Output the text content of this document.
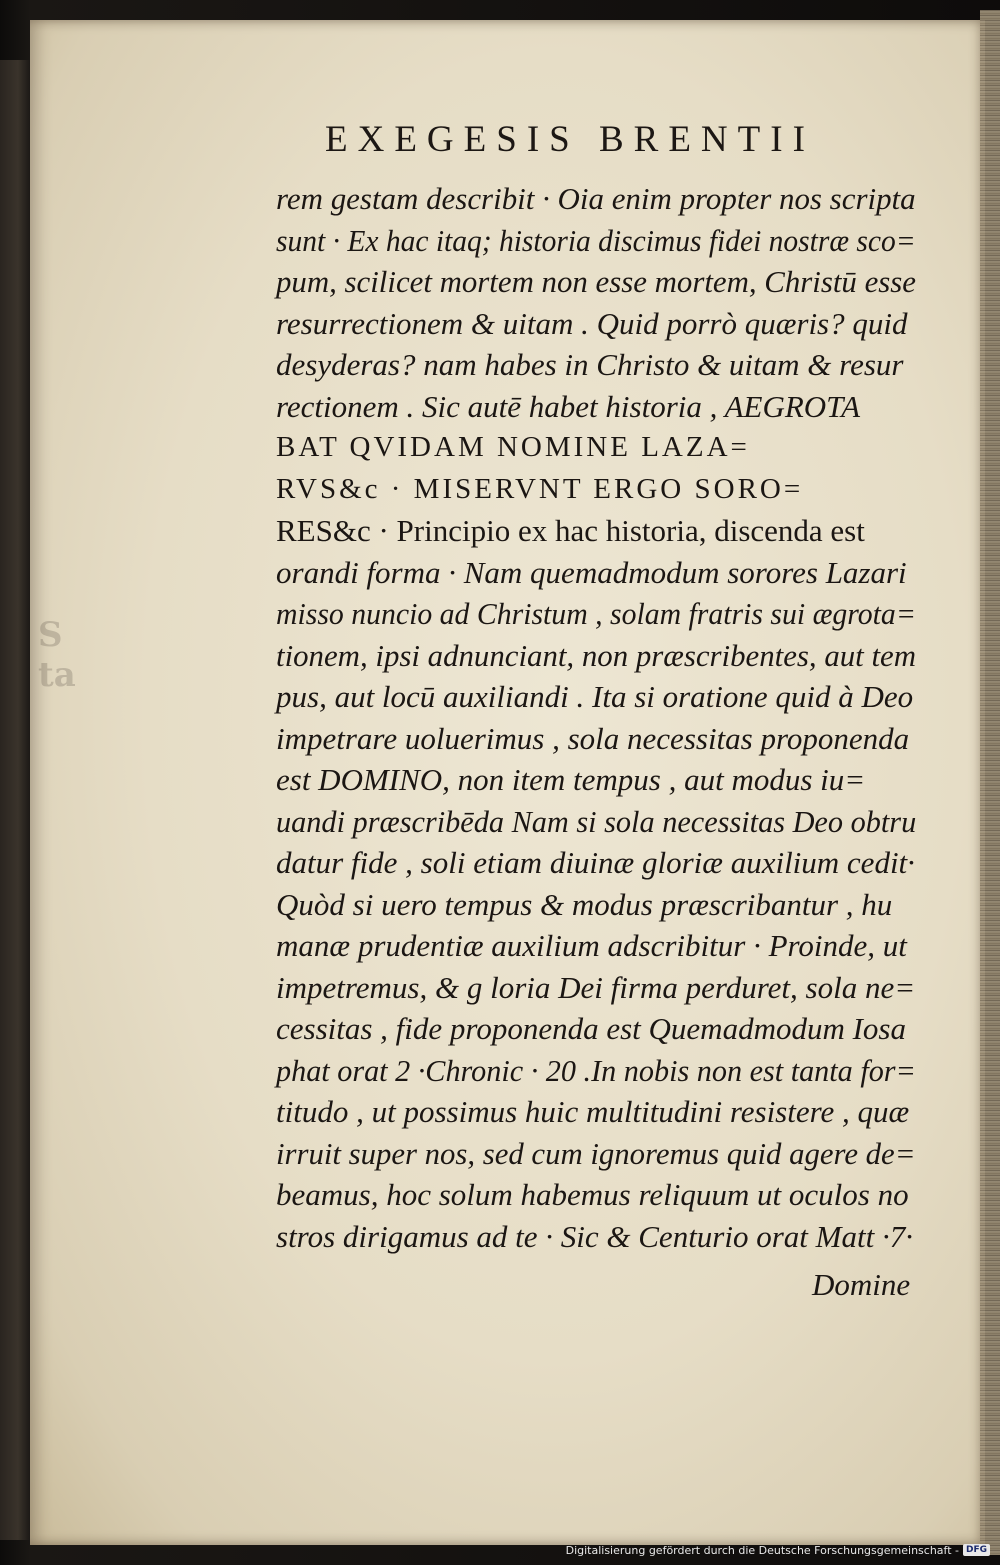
S
ta
EXEGESIS BRENTII
rem gestam describit · Oia enim propter nos scripta
sunt · Ex hac itaq; historia discimus fidei nostræ sco=
pum, scilicet mortem non esse mortem, Christū esse
resurrectionem & uitam . Quid porrò quæris? quid
desyderas? nam habes in Christo & uitam & resur
rectionem . Sic autē habet historia , AEGROTA
BAT QVIDAM NOMINE LAZA=
RVS&c · MISERVNT ERGO SORO=
RES&c · Principio ex hac historia, discenda est
orandi forma · Nam quemadmodum sorores Lazari
misso nuncio ad Christum , solam fratris sui ægrota=
tionem, ipsi adnunciant, non præscribentes, aut tem
pus, aut locū auxiliandi . Ita si oratione quid à Deo
impetrare uoluerimus , sola necessitas proponenda
est DOMINO, non item tempus , aut modus iu=
uandi præscribēda Nam si sola necessitas Deo obtru
datur fide , soli etiam diuinæ gloriæ auxilium cedit·
Quòd si uero tempus & modus præscribantur , hu
manæ prudentiæ auxilium adscribitur · Proinde, ut
impetremus, & g loria Dei firma perduret, sola ne=
cessitas , fide proponenda est Quemadmodum Iosa
phat orat 2 ·Chronic · 20 .In nobis non est tanta for=
titudo , ut possimus huic multitudini resistere , quæ
irruit super nos, sed cum ignoremus quid agere de=
beamus, hoc solum habemus reliquum ut oculos no
stros dirigamus ad te · Sic & Centurio orat Matt ·7·
Domine
Digitalisierung gefördert durch die Deutsche Forschungsgemeinschaft - DFG
